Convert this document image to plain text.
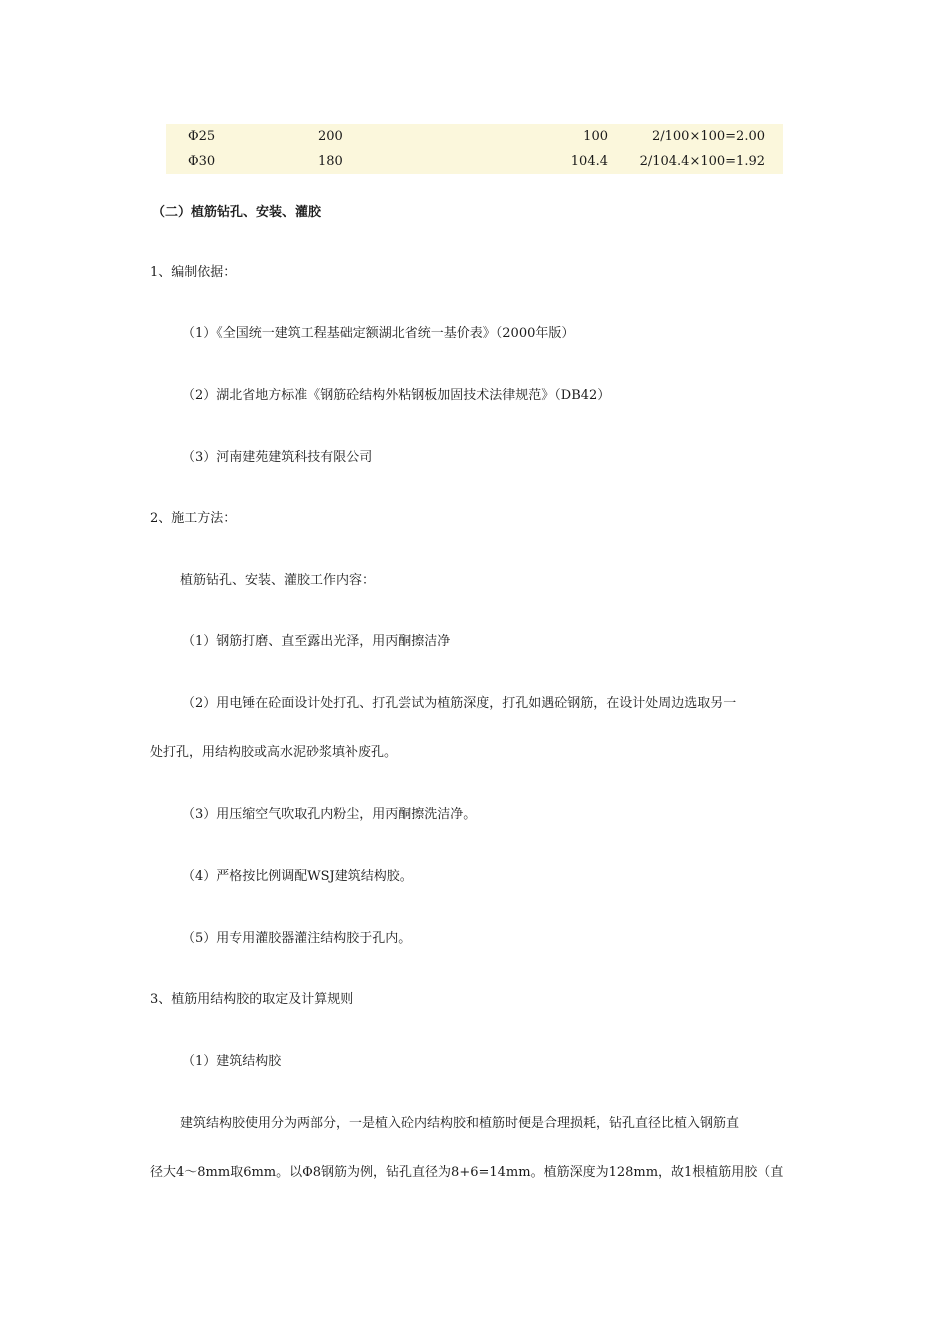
Φ25	200	100	2/100×100=2.00
Φ30	180	104.4	2/104.4×100=1.92
（二）植筋钻孔、安装、灌胶
1、编制依据：
（1）《全国统一建筑工程基础定额湖北省统一基价表》（2000年版）
（2）湖北省地方标准《钢筋砼结构外粘钢板加固技术法律规范》（DB42）
（3）河南建苑建筑科技有限公司
2、施工方法：
植筋钻孔、安装、灌胶工作内容：
（1）钢筋打磨、直至露出光泽，用丙酮擦洁净
（2）用电锤在砼面设计处打孔、打孔尝试为植筋深度，打孔如遇砼钢筋，在设计处周边选取另一
处打孔，用结构胶或高水泥砂浆填补废孔。
（3）用压缩空气吹取孔内粉尘，用丙酮擦洗洁净。
（4）严格按比例调配WSJ建筑结构胶。
（5）用专用灌胶器灌注结构胶于孔内。
3、植筋用结构胶的取定及计算规则
（1）建筑结构胶
建筑结构胶使用分为两部分，一是植入砼内结构胶和植筋时便是合理损耗，钻孔直径比植入钢筋直
径大4～8mm取6mm。以Φ8钢筋为例，钻孔直径为8+6=14mm。植筋深度为128mm，故1根植筋用胶（直
